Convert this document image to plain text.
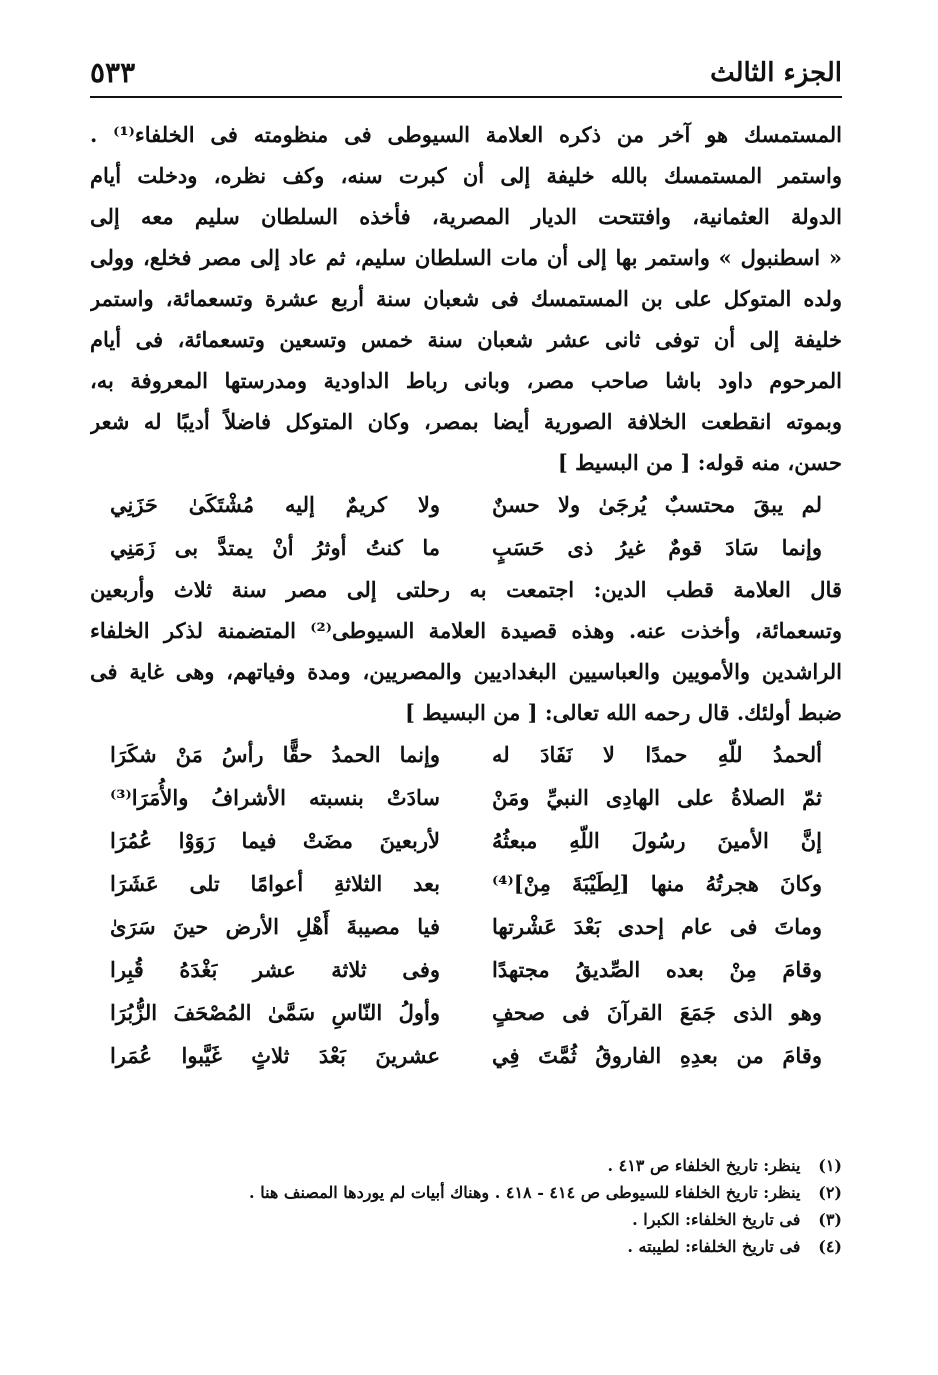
الجزء الثالث
٥٣٣
المستمسك هو آخر من ذكره العلامة السيوطى فى منظومته فى الخلفاء⁽¹⁾ .
واستمر المستمسك بالله خليفة إلى أن كبرت سنه، وكف نظره، ودخلت أيام
الدولة العثمانية، وافتتحت الديار المصرية، فأخذه السلطان سليم معه إلى
« اسطنبول » واستمر بها إلى أن مات السلطان سليم، ثم عاد إلى مصر فخلع، وولى
ولده المتوكل على بن المستمسك فى شعبان سنة أربع عشرة وتسعمائة، واستمر
خليفة إلى أن توفى ثانى عشر شعبان سنة خمس وتسعين وتسعمائة، فى أيام
المرحوم داود باشا صاحب مصر، وبانى رباط الداودية ومدرستها المعروفة به،
وبموته انقطعت الخلافة الصورية أيضا بمصر، وكان المتوكل فاضلاً أديبًا له شعر
حسن، منه قوله: [ من البسيط ]
لم يبقَ محتسبٌ يُرجَىٰ ولا حسنٌ
ولا كريمٌ إليه مُشْتَكَىٰ حَزَنِي
وإنما سَادَ قومٌ غيرُ ذى حَسَبٍ
ما كنتُ أوثرُ أنْ يمتدَّ بى زَمَنِي
قال العلامة قطب الدين: اجتمعت به رحلتى إلى مصر سنة ثلاث وأربعين
وتسعمائة، وأخذت عنه. وهذه قصيدة العلامة السيوطى⁽²⁾ المتضمنة لذكر الخلفاء
الراشدين والأمويين والعباسيين البغداديين والمصريين، ومدة وفياتهم، وهى غاية فى
ضبط أولئك. قال رحمه الله تعالى: [ من البسيط ]
ألحمدُ للّهِ حمدًا لا نَفَادَ له
وإنما الحمدُ حقًّا رأسُ مَنْ شكَرَا
ثمّ الصلاةُ على الهادِى النبيِّ ومَنْ
سادَتْ بنسبته الأشرافُ والأُمَرَا⁽³⁾
إنَّ الأمينَ رسُولَ اللّهِ مبعثُهُ
لأربعينَ مضَتْ فيما رَوَوْا عُمُرَا
وكانَ هجرتُهُ منها [لِطَيْبَةَ مِنْ]⁽⁴⁾
بعد الثلاثةِ أعوامًا تلى عَشَرَا
وماتَ فى عام إحدى بَعْدَ عَشْرتها
فيا مصيبةَ أَهْلِ الأرض حينَ سَرَىٰ
وقامَ مِنْ بعده الصِّديقُ مجتهدًا
وفى ثلاثة عشر بَغْدَهُ قُبِرا
وهو الذى جَمَعَ القرآنَ فى صحفٍ
وأولُ النّاسِ سَمَّىٰ المُصْحَفَ الزُّبُرَا
وقامَ من بعدِهِ الفاروقُ ثُمَّتَ فِي
عشرينَ بَعْدَ ثلاثٍ غَيَّبوا عُمَرا
(١) ينظر: تاريخ الخلفاء ص ٤١٣ .
(٢) ينظر: تاريخ الخلفاء للسيوطى ص ٤١٤ - ٤١٨ . وهناك أبيات لم يوردها المصنف هنا .
(٣) فى تاريخ الخلفاء: الكبرا .
(٤) فى تاريخ الخلفاء: لطيبته .
